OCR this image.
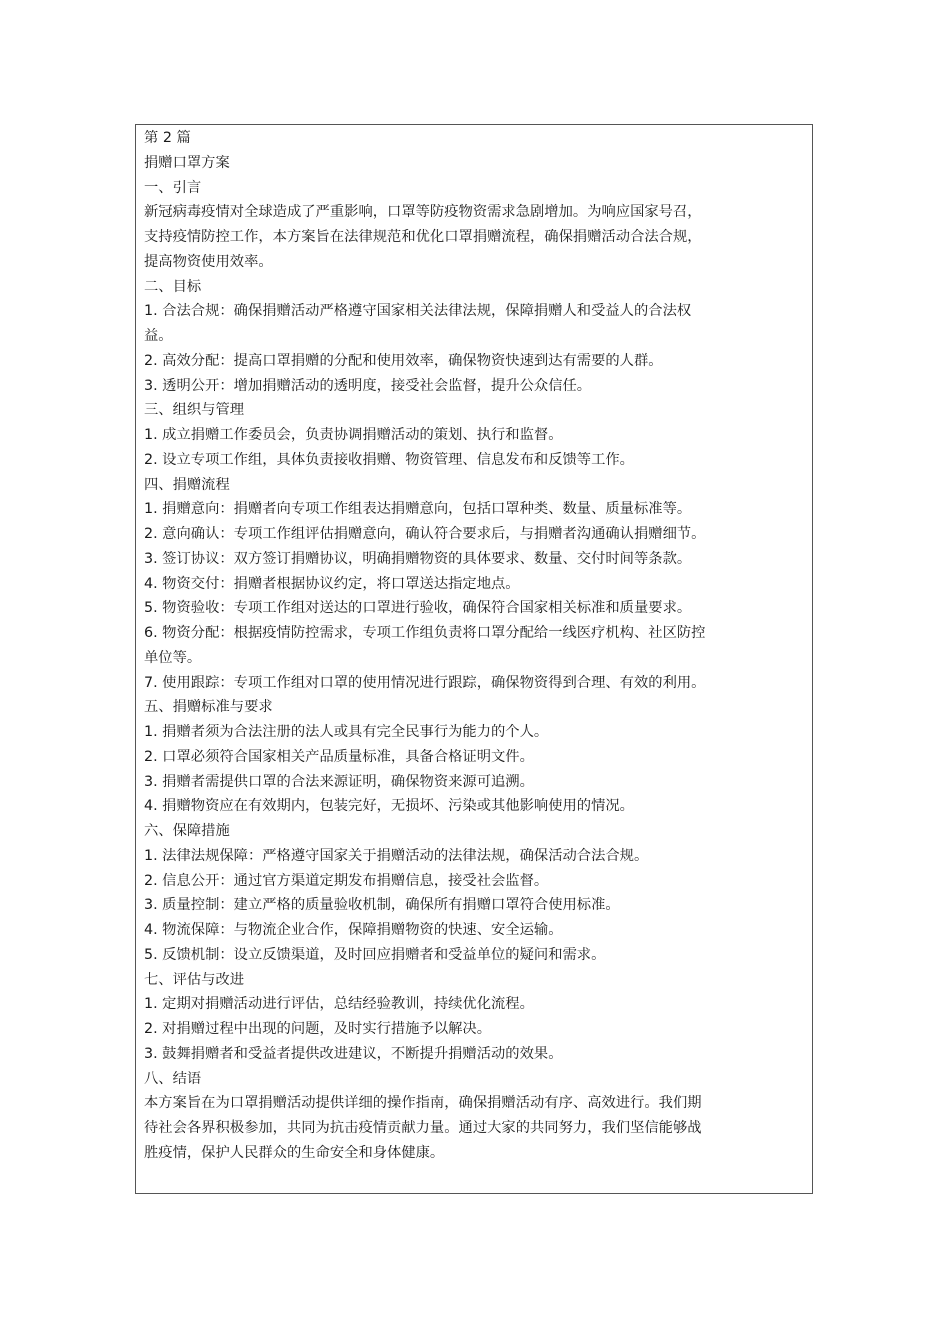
第 2 篇

捐赠口罩方案

一、引言

新冠病毒疫情对全球造成了严重影响，口罩等防疫物资需求急剧增加。为响应国家号召，

支持疫情防控工作，本方案旨在法律规范和优化口罩捐赠流程，确保捐赠活动合法合规，

提高物资使用效率。

二、目标

1. 合法合规：确保捐赠活动严格遵守国家相关法律法规，保障捐赠人和受益人的合法权

益。

2. 高效分配：提高口罩捐赠的分配和使用效率，确保物资快速到达有需要的人群。

3. 透明公开：增加捐赠活动的透明度，接受社会监督，提升公众信任。

三、组织与管理

1. 成立捐赠工作委员会，负责协调捐赠活动的策划、执行和监督。

2. 设立专项工作组，具体负责接收捐赠、物资管理、信息发布和反馈等工作。

四、捐赠流程

1. 捐赠意向：捐赠者向专项工作组表达捐赠意向，包括口罩种类、数量、质量标准等。

2. 意向确认：专项工作组评估捐赠意向，确认符合要求后，与捐赠者沟通确认捐赠细节。

3. 签订协议：双方签订捐赠协议，明确捐赠物资的具体要求、数量、交付时间等条款。

4. 物资交付：捐赠者根据协议约定，将口罩送达指定地点。

5. 物资验收：专项工作组对送达的口罩进行验收，确保符合国家相关标准和质量要求。

6. 物资分配：根据疫情防控需求，专项工作组负责将口罩分配给一线医疗机构、社区防控

单位等。

7. 使用跟踪：专项工作组对口罩的使用情况进行跟踪，确保物资得到合理、有效的利用。

五、捐赠标准与要求

1. 捐赠者须为合法注册的法人或具有完全民事行为能力的个人。

2. 口罩必须符合国家相关产品质量标准，具备合格证明文件。

3. 捐赠者需提供口罩的合法来源证明，确保物资来源可追溯。

4. 捐赠物资应在有效期内，包装完好，无损坏、污染或其他影响使用的情况。

六、保障措施

1. 法律法规保障：严格遵守国家关于捐赠活动的法律法规，确保活动合法合规。

2. 信息公开：通过官方渠道定期发布捐赠信息，接受社会监督。

3. 质量控制：建立严格的质量验收机制，确保所有捐赠口罩符合使用标准。

4. 物流保障：与物流企业合作，保障捐赠物资的快速、安全运输。

5. 反馈机制：设立反馈渠道，及时回应捐赠者和受益单位的疑问和需求。

七、评估与改进

1. 定期对捐赠活动进行评估，总结经验教训，持续优化流程。

2. 对捐赠过程中出现的问题，及时实行措施予以解决。

3. 鼓舞捐赠者和受益者提供改进建议，不断提升捐赠活动的效果。

八、结语

本方案旨在为口罩捐赠活动提供详细的操作指南，确保捐赠活动有序、高效进行。我们期

待社会各界积极参加，共同为抗击疫情贡献力量。通过大家的共同努力，我们坚信能够战

胜疫情，保护人民群众的生命安全和身体健康。
